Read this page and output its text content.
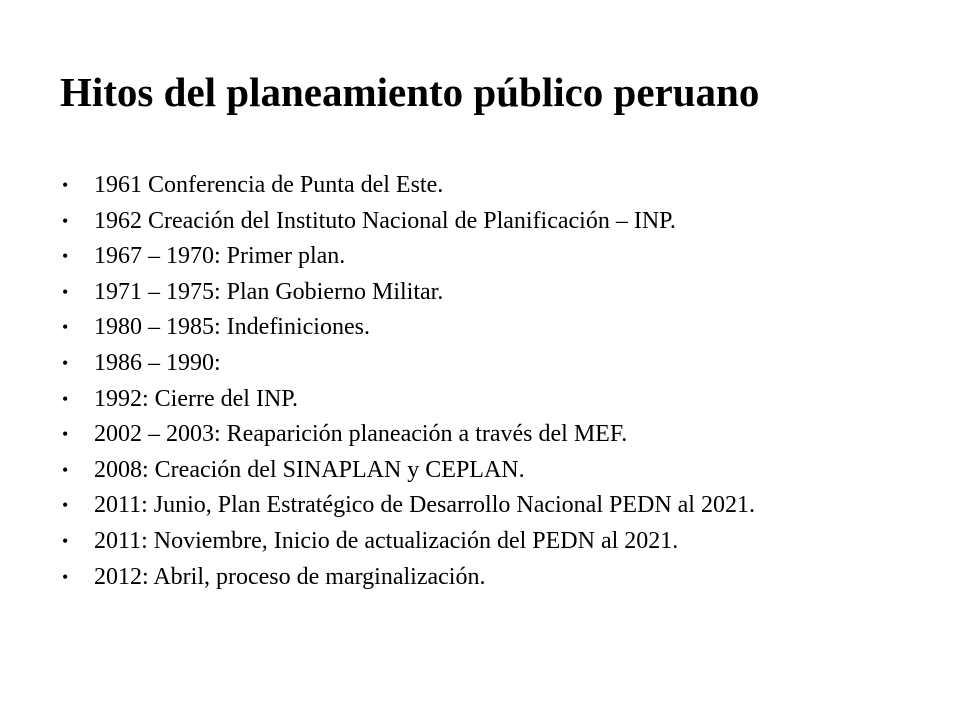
Hitos del planeamiento público peruano
• 1961 Conferencia de Punta del Este.
• 1962 Creación del Instituto Nacional de Planificación – INP.
• 1967 – 1970: Primer plan.
• 1971 – 1975: Plan Gobierno Militar.
• 1980 – 1985: Indefiniciones.
• 1986 – 1990:
• 1992: Cierre del INP.
• 2002 – 2003: Reaparición planeación a través del MEF.
• 2008: Creación del SINAPLAN y CEPLAN.
• 2011: Junio, Plan Estratégico de Desarrollo Nacional PEDN al 2021.
• 2011: Noviembre, Inicio de actualización del PEDN al 2021.
• 2012: Abril, proceso de marginalización.
